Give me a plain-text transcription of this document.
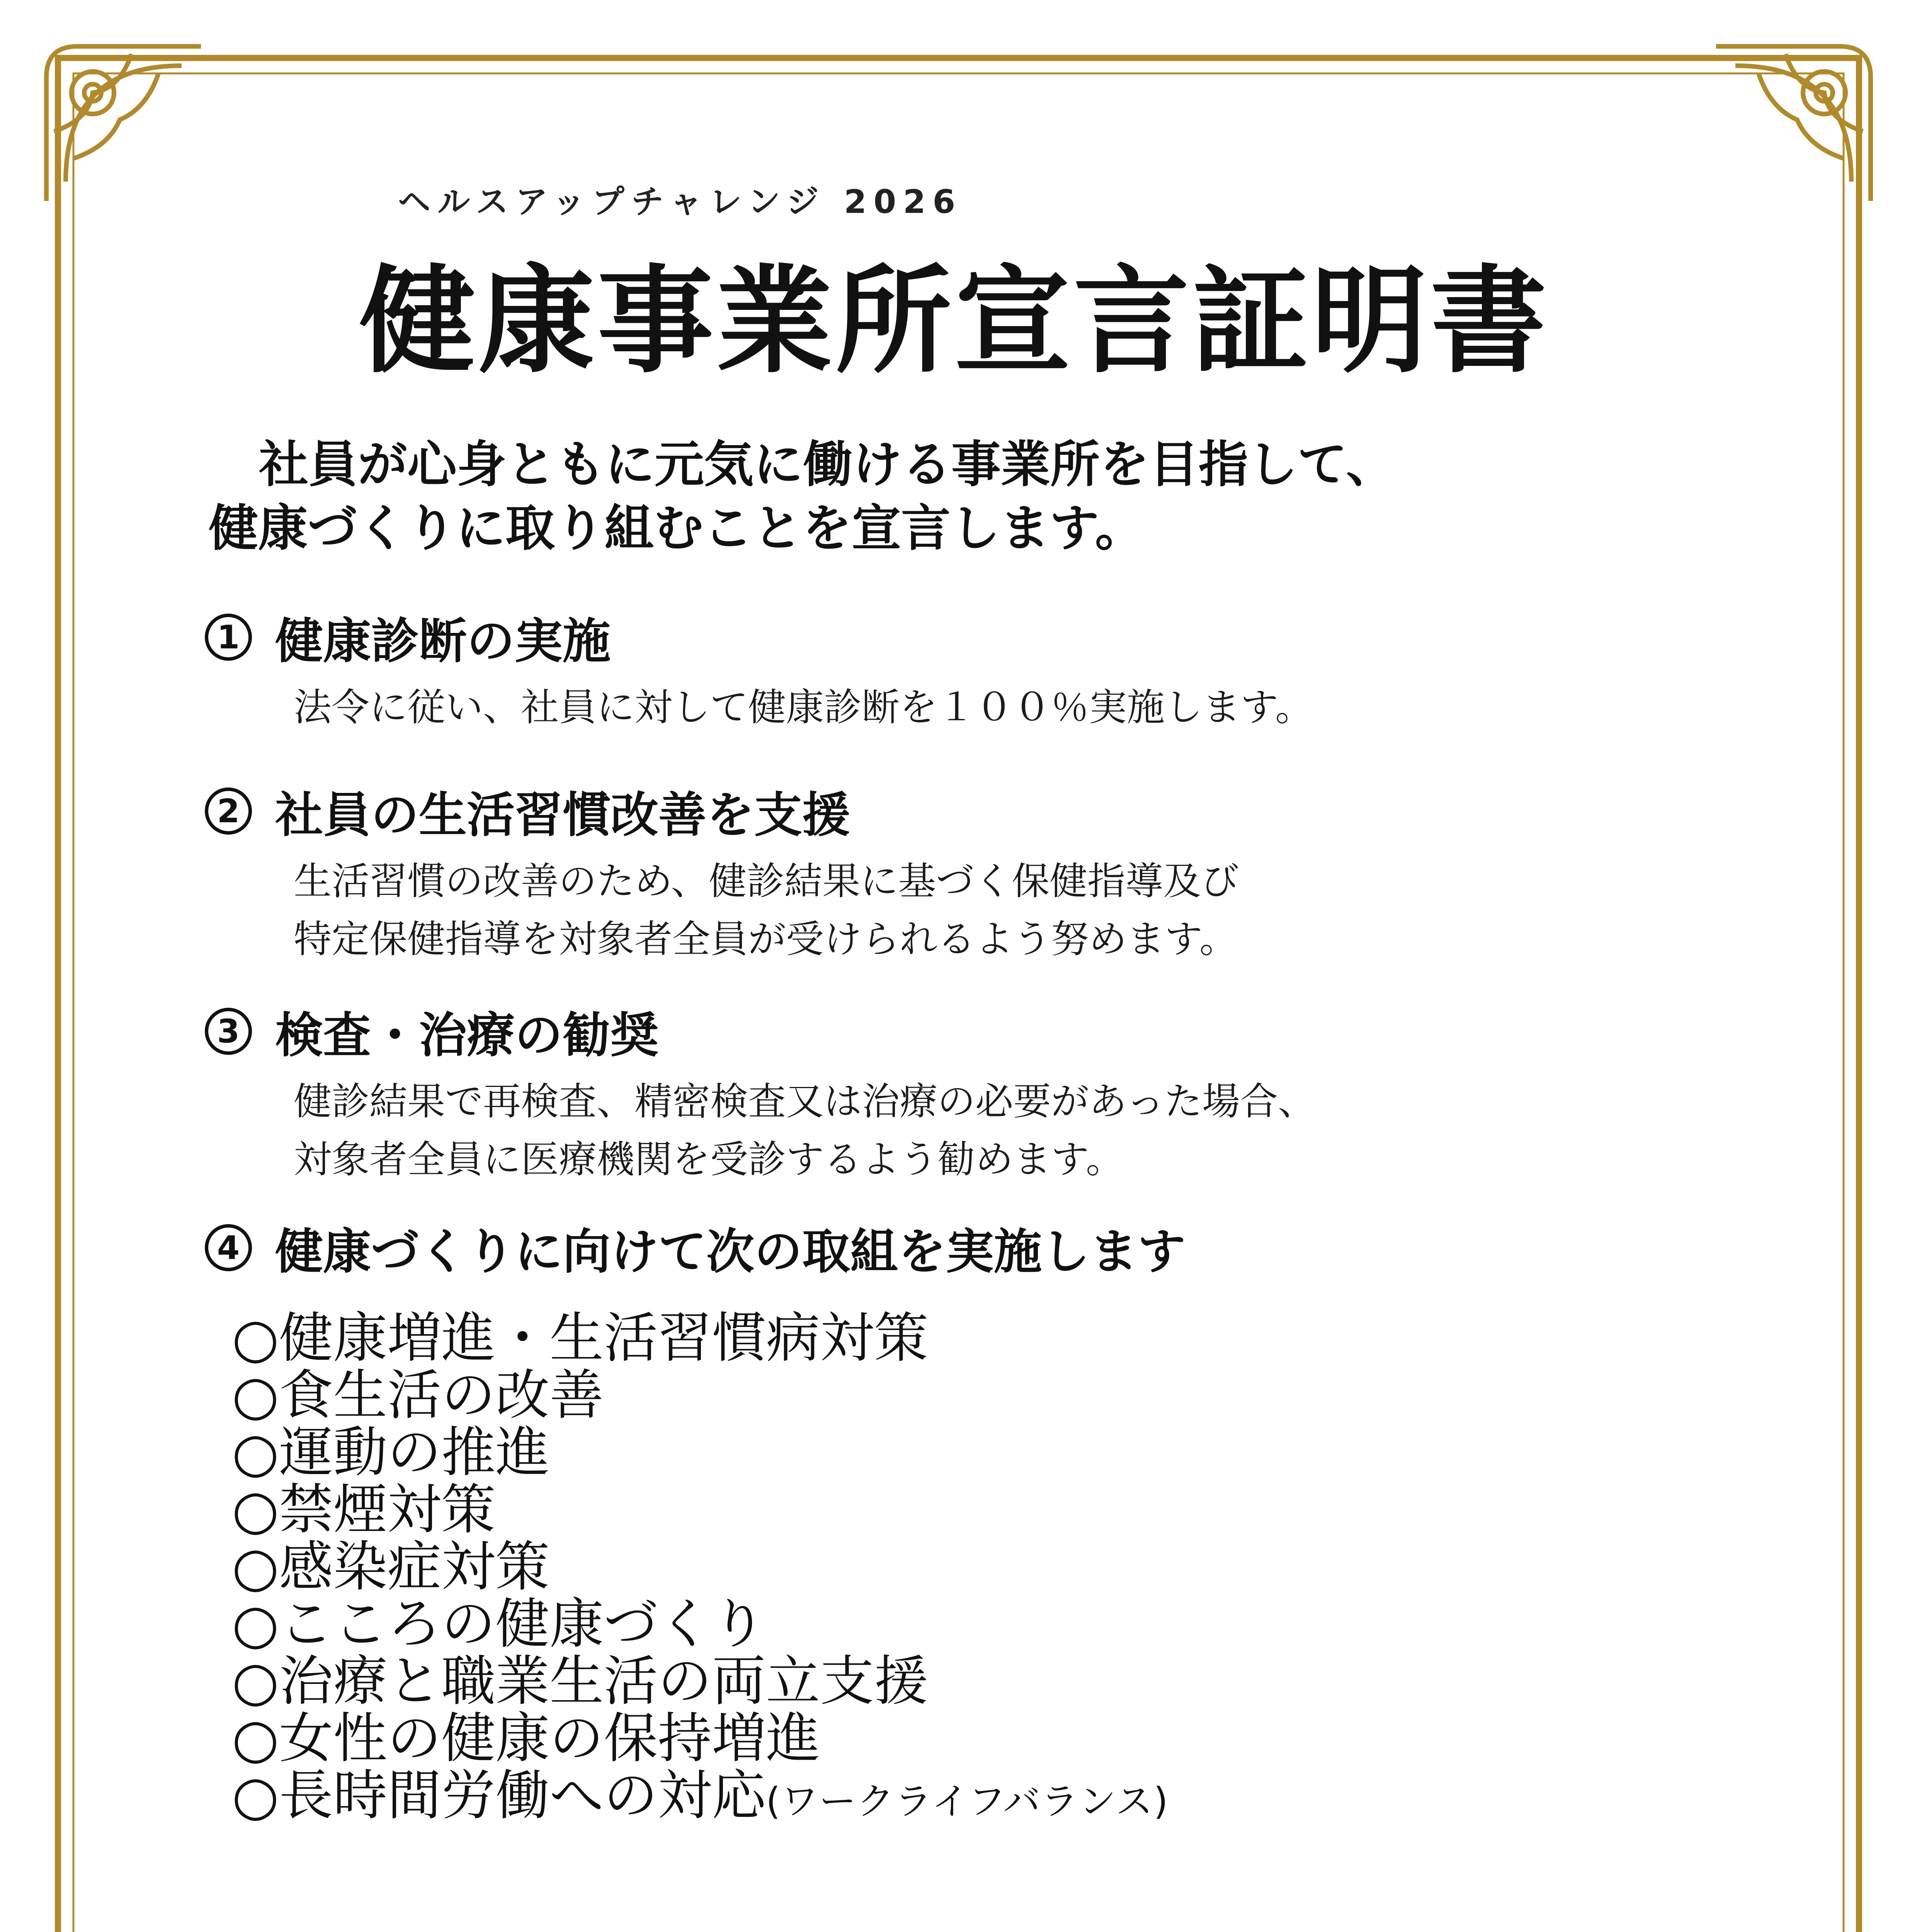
ヘルスアップチャレンジ 2026
健康事業所宣言証明書
社員が心身ともに元気に働ける事業所を目指して、
健康づくりに取り組むことを宣言します。
1 健康診断の実施
法令に従い、社員に対して健康診断を１００％実施します。
2 社員の生活習慣改善を支援
生活習慣の改善のため、健診結果に基づく保健指導及び
特定保健指導を対象者全員が受けられるよう努めます。
3 検査・治療の勧奨
健診結果で再検査、精密検査又は治療の必要があった場合、
対象者全員に医療機関を受診するよう勧めます。
4 健康づくりに向けて次の取組を実施します
○健康増進・生活習慣病対策
○食生活の改善
○運動の推進
○禁煙対策
○感染症対策
○こころの健康づくり
○治療と職業生活の両立支援
○女性の健康の保持増進
○長時間労働への対応(ワークライフバランス)
